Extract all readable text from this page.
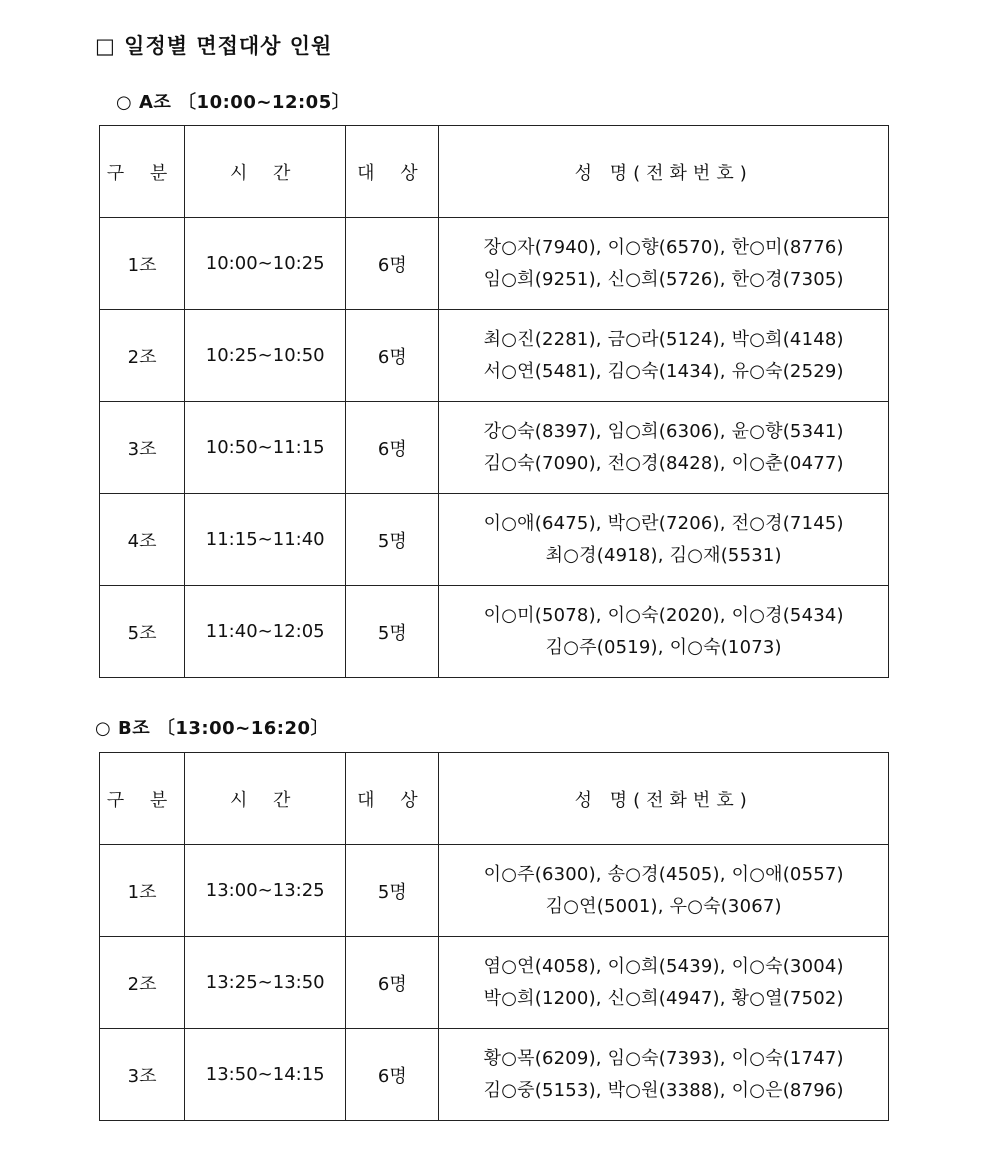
□ 일정별 면접대상 인원
○ A조 〔10:00∼12:05〕
구 분	시 간	대 상	성 명(전화번호)
1조	10:00∼10:25	6명	장○자(7940), 이○향(6570), 한○미(8776)
임○희(9251), 신○희(5726), 한○경(7305)

2조	10:25∼10:50	6명	최○진(2281), 금○라(5124), 박○희(4148)
서○연(5481), 김○숙(1434), 유○숙(2529)

3조	10:50∼11:15	6명	강○숙(8397), 임○희(6306), 윤○향(5341)
김○숙(7090), 전○경(8428), 이○춘(0477)

4조	11:15∼11:40	5명	이○애(6475), 박○란(7206), 전○경(7145)
최○경(4918), 김○재(5531)

5조	11:40∼12:05	5명	이○미(5078), 이○숙(2020), 이○경(5434)
김○주(0519), 이○숙(1073)
○ B조 〔13:00∼16:20〕
구 분	시 간	대 상	성 명(전화번호)
1조	13:00∼13:25	5명	이○주(6300), 송○경(4505), 이○애(0557)
김○연(5001), 우○숙(3067)

2조	13:25∼13:50	6명	염○연(4058), 이○희(5439), 이○숙(3004)
박○희(1200), 신○희(4947), 황○열(7502)

3조	13:50∼14:15	6명	황○목(6209), 임○숙(7393), 이○숙(1747)
김○중(5153), 박○원(3388), 이○은(8796)
